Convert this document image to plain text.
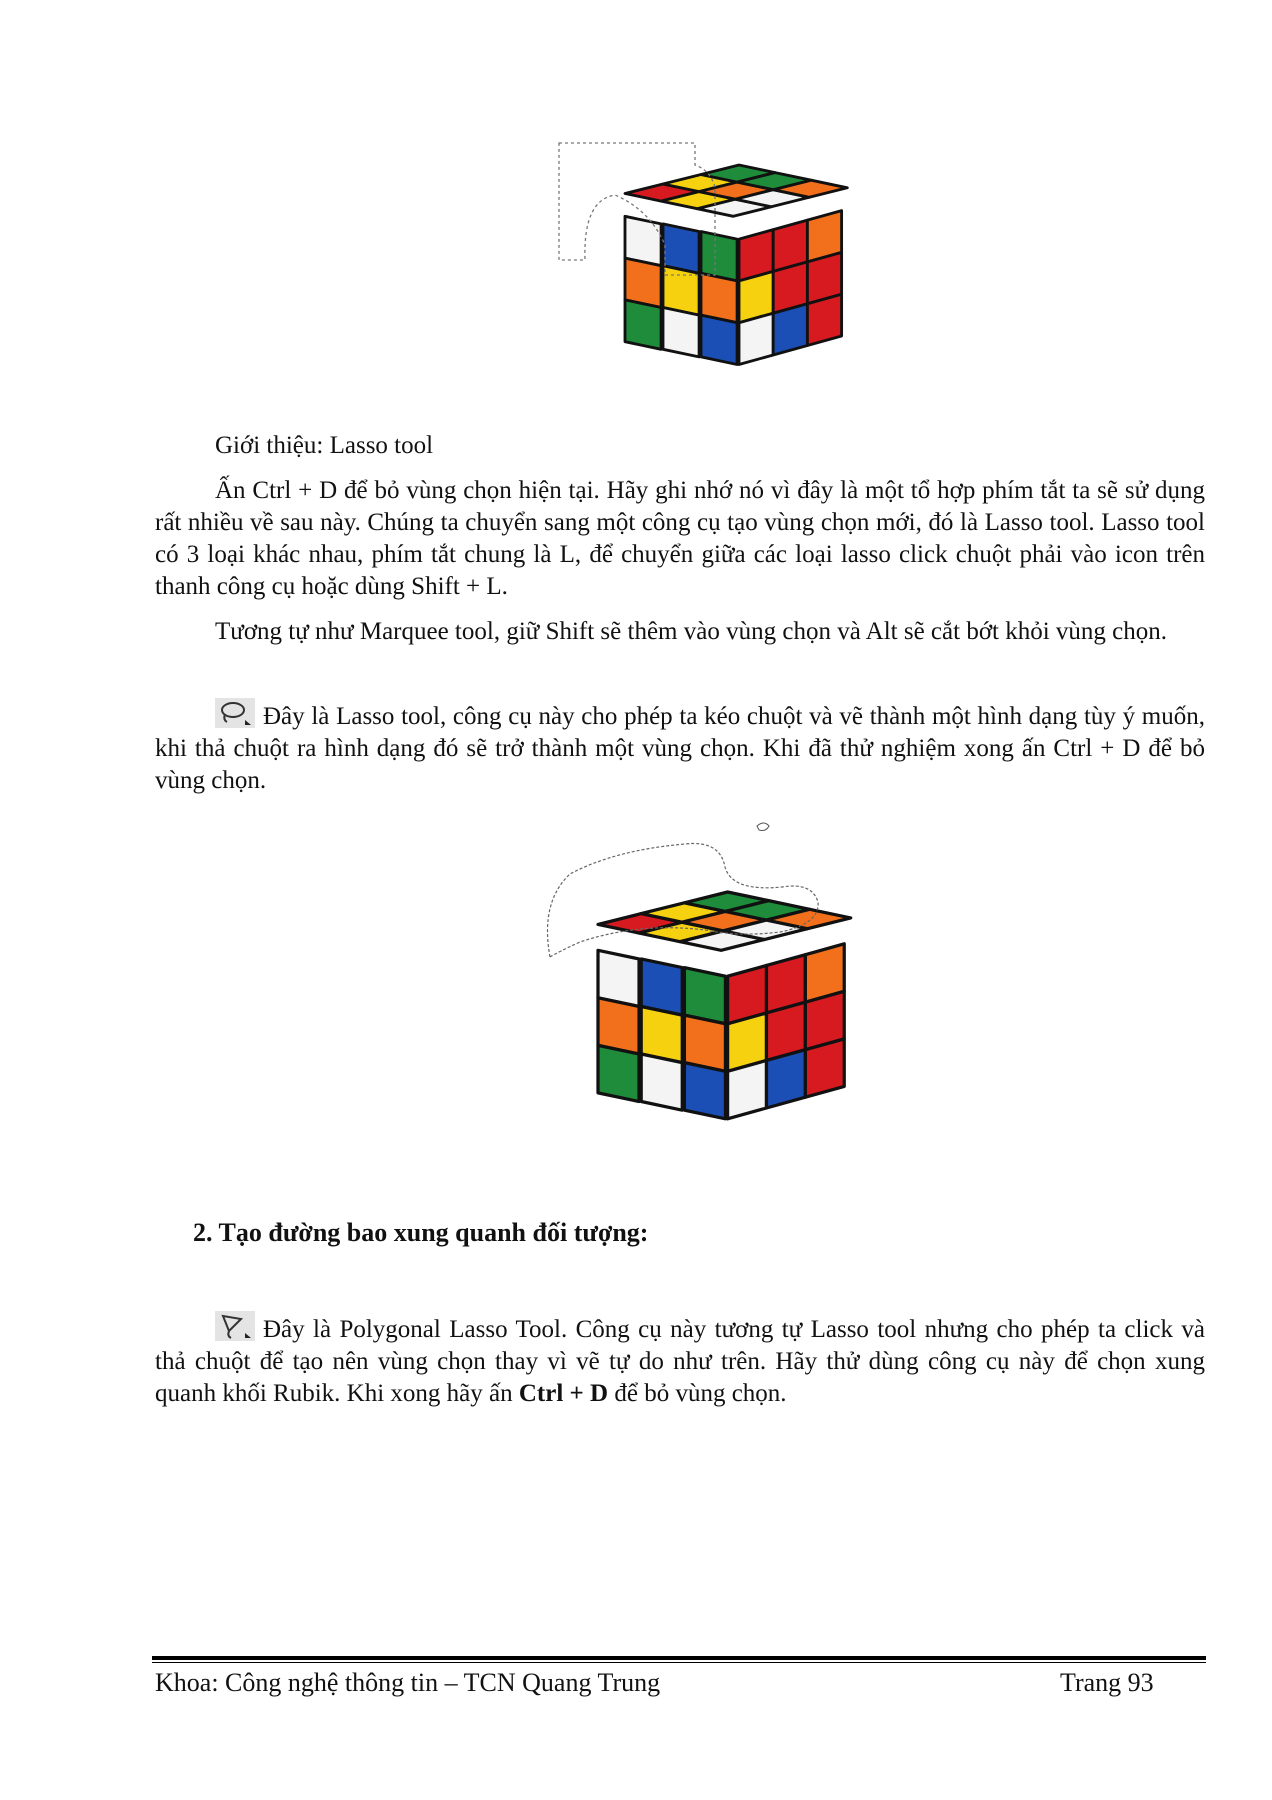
Giới thiệu: Lasso tool

Ấn Ctrl + D để bỏ vùng chọn hiện tại. Hãy ghi nhớ nó vì đây là một tổ hợp phím tắt ta sẽ sử dụng rất nhiều về sau này. Chúng ta chuyển sang một công cụ tạo vùng chọn mới, đó là Lasso tool. Lasso tool có 3 loại khác nhau, phím tắt chung là L, để chuyển giữa các loại lasso click chuột phải vào icon trên thanh công cụ hoặc dùng Shift + L.

Tương tự như Marquee tool, giữ Shift sẽ thêm vào vùng chọn và Alt sẽ cắt bớt khỏi vùng chọn.

Đây là Lasso tool, công cụ này cho phép ta kéo chuột và vẽ thành một hình dạng tùy ý muốn, khi thả chuột ra hình dạng đó sẽ trở thành một vùng chọn. Khi đã thử nghiệm xong ấn Ctrl + D để bỏ vùng chọn.

2. Tạo đường bao xung quanh đối tượng:

Đây là Polygonal Lasso Tool. Công cụ này tương tự Lasso tool nhưng cho phép ta click và thả chuột để tạo nên vùng chọn thay vì vẽ tự do như trên. Hãy thử dùng công cụ này để chọn xung quanh khối Rubik. Khi xong hãy ấn Ctrl + D để bỏ vùng chọn.

Khoa: Công nghệ thông tin – TCN Quang Trung	Trang 93
